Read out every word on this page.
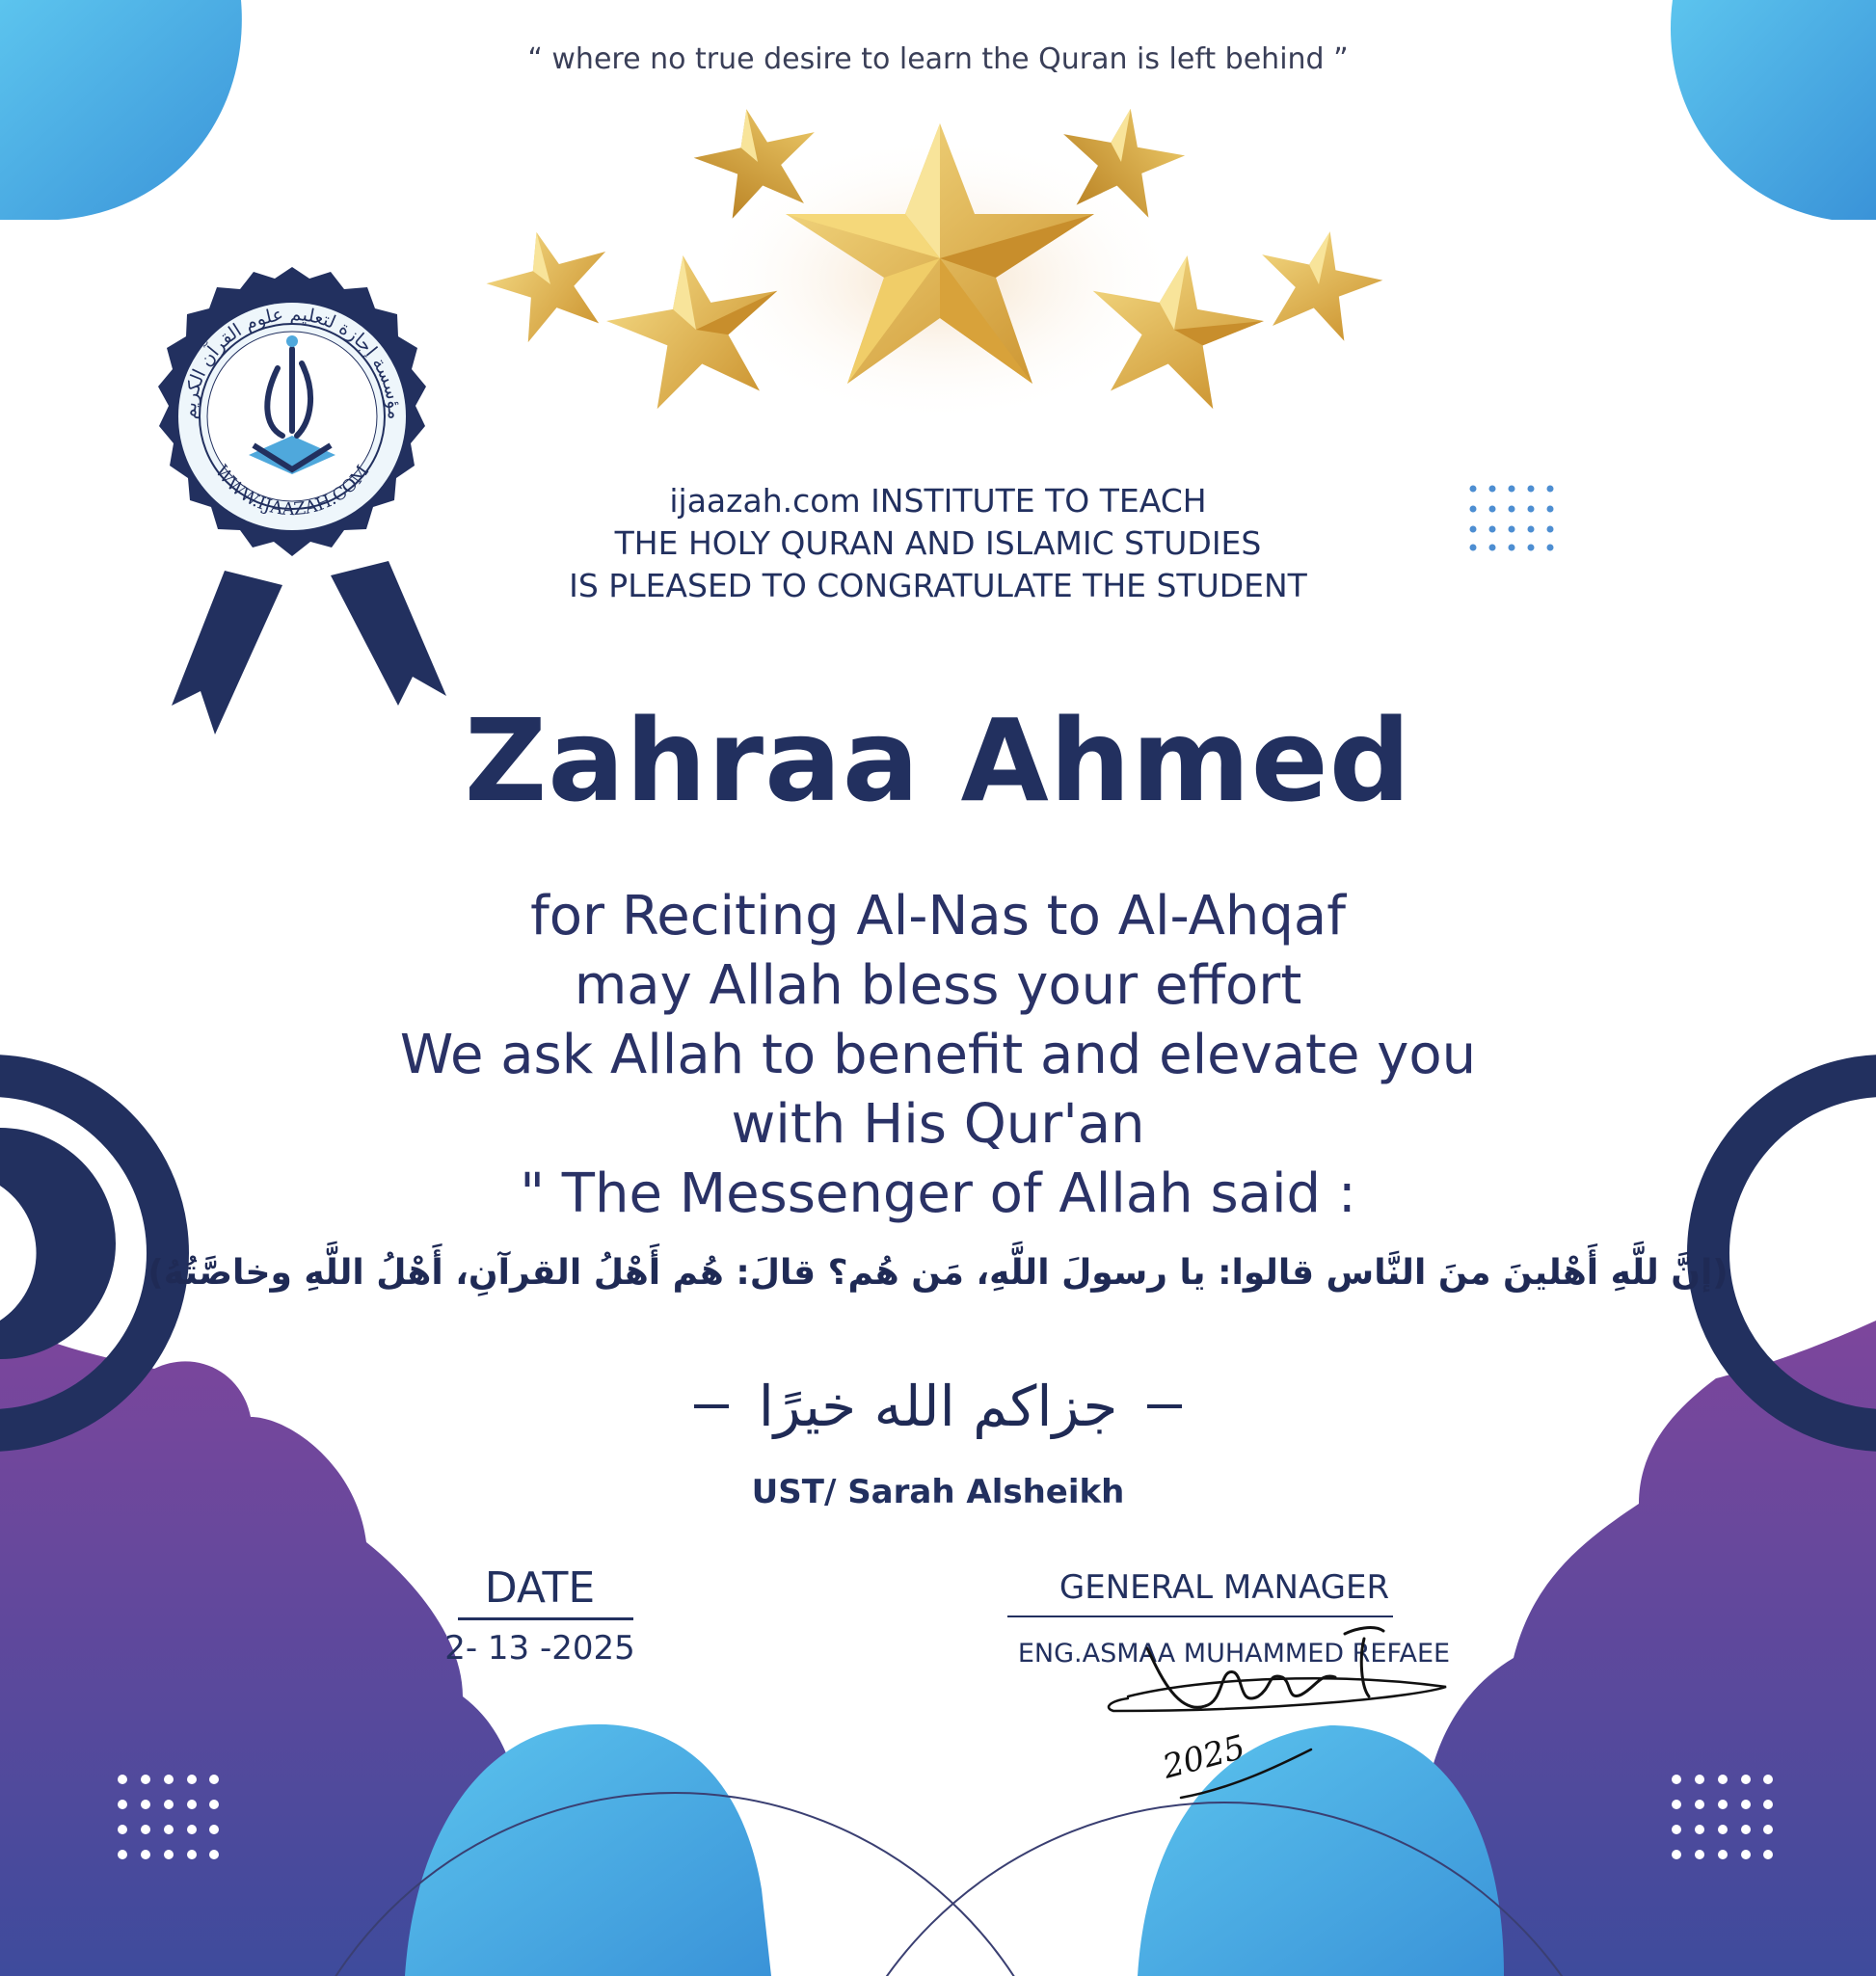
مؤسسة إجازة لتعليم علوم القرآن الكريم
WWW.IJAAZAH.COM
“ where no true desire to learn the Quran is left behind ”
ijaazah.com INSTITUTE TO TEACH
THE HOLY QURAN AND ISLAMIC STUDIES
IS PLEASED TO CONGRATULATE THE STUDENT
Zahraa Ahmed
for Reciting Al-Nas to Al-Ahqaf
may Allah bless your effort
We ask Allah to benefit and elevate you
with His Qur'an
" The Messenger of Allah said :
(إنَّ للَّهِ أَهْلينَ منَ النَّاس قالوا: يا رسولَ اللَّهِ، مَن هُم؟ قالَ: هُم أَهْلُ القرآنِ، أَهْلُ اللَّهِ وخاصَّتُهُ)
جزاكم الله خيرًا
UST/ Sarah Alsheikh
DATE
2- 13 -2025
GENERAL MANAGER
ENG.ASMAA MUHAMMED REFAEE
2025
